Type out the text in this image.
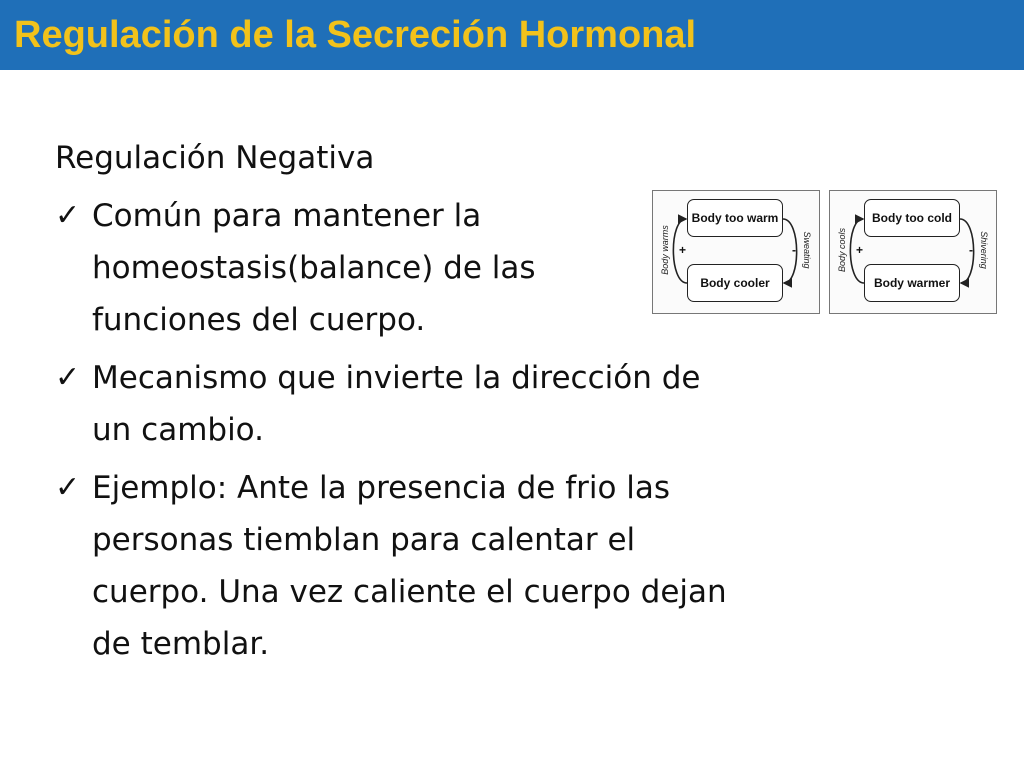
Regulación de la Secreción Hormonal

Regulación Negativa

✓ Común para mantener la homeostasis(balance) de las funciones del cuerpo.
✓ Mecanismo que invierte la dirección de un cambio.
✓ Ejemplo: Ante la presencia de frio las personas tiemblan para calentar el cuerpo. Una vez caliente el cuerpo dejan de temblar.
Body too warm
Body cooler
Body warms	Sweating
+	-
Body too cold
Body warmer
Body cools	Shivering
+	-
